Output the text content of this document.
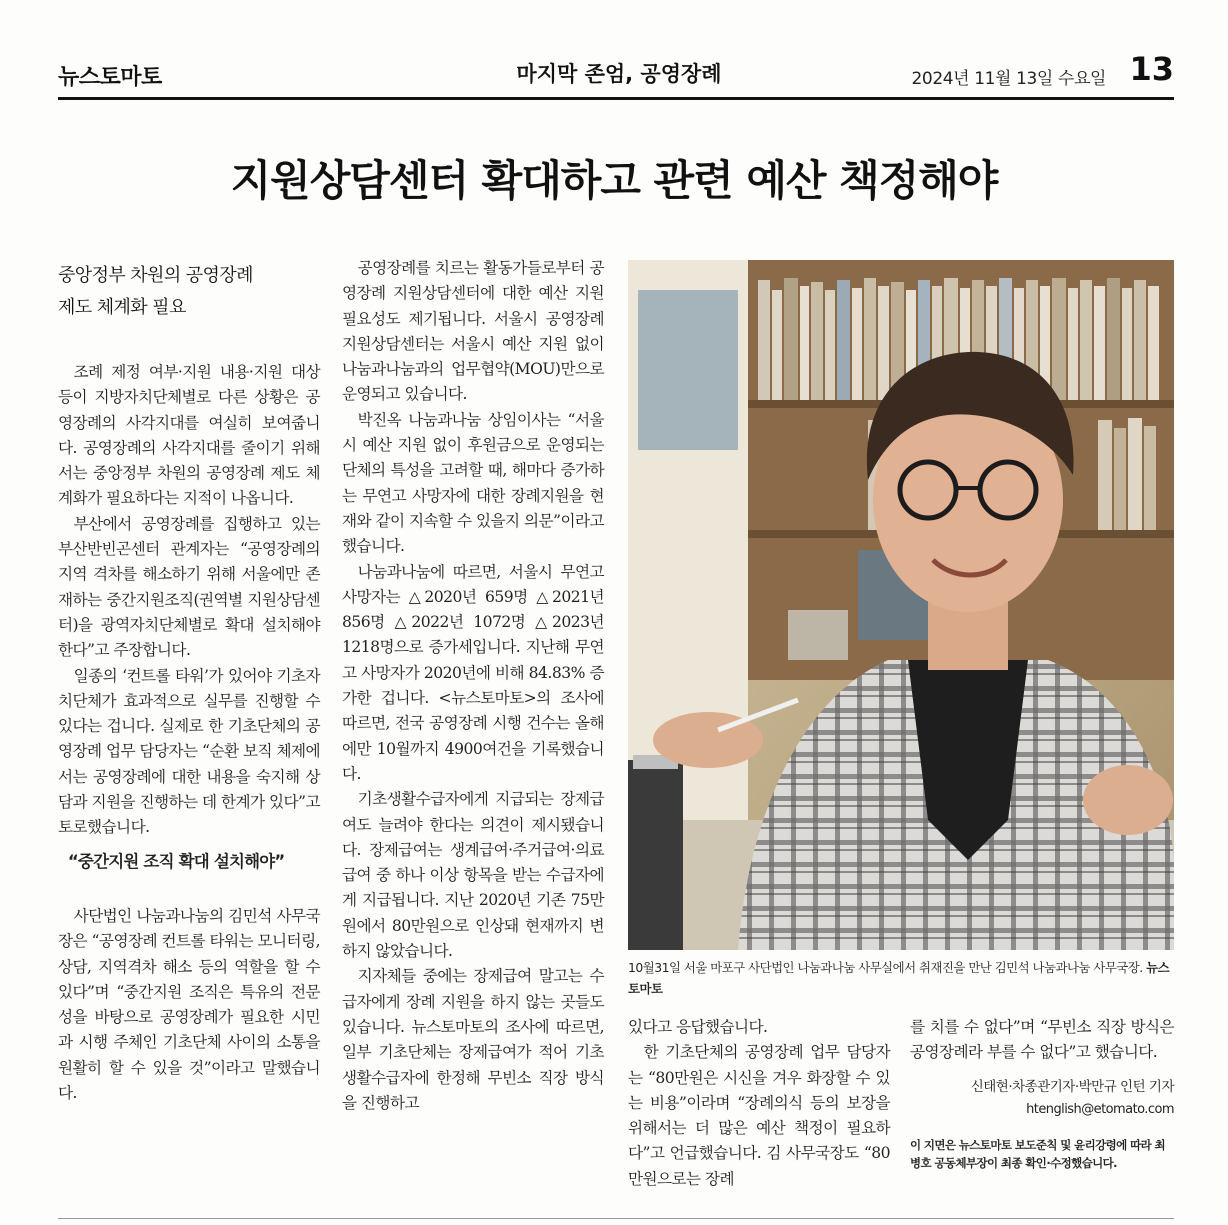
뉴스토마토	마지막 존엄, 공영장례	2024년 11월 13일 수요일 13
지원상담센터 확대하고 관련 예산 책정해야
중앙정부 차원의 공영장례
제도 체계화 필요

조례 제정 여부·지원 내용·지원 대상 등이 지방자치단체별로 다른 상황은 공영장례의 사각지대를 여실히 보여줍니다. 공영장례의 사각지대를 줄이기 위해서는 중앙정부 차원의 공영장례 제도 체계화가 필요하다는 지적이 나옵니다.

부산에서 공영장례를 집행하고 있는 부산반빈곤센터 관계자는 “공영장례의 지역 격차를 해소하기 위해 서울에만 존재하는 중간지원조직(권역별 지원상담센터)을 광역자치단체별로 확대 설치해야 한다”고 주장합니다.

일종의 ‘컨트롤 타워’가 있어야 기초자치단체가 효과적으로 실무를 진행할 수 있다는 겁니다. 실제로 한 기초단체의 공영장례 업무 담당자는 “순환 보직 체제에서는 공영장례에 대한 내용을 숙지해 상담과 지원을 진행하는 데 한계가 있다”고 토로했습니다.

“중간지원 조직 확대 설치해야”

사단법인 나눔과나눔의 김민석 사무국장은 “공영장례 컨트롤 타워는 모니터링, 상담, 지역격차 해소 등의 역할을 할 수 있다”며 “중간지원 조직은 특유의 전문성을 바탕으로 공영장례가 필요한 시민과 시행 주체인 기초단체 사이의 소통을 원활히 할 수 있을 것”이라고 말했습니다.

공영장례를 치르는 활동가들로부터 공영장례 지원상담센터에 대한 예산 지원 필요성도 제기됩니다. 서울시 공영장례 지원상담센터는 서울시 예산 지원 없이 나눔과나눔과의 업무협약(MOU)만으로 운영되고 있습니다.

박진옥 나눔과나눔 상임이사는 “서울시 예산 지원 없이 후원금으로 운영되는 단체의 특성을 고려할 때, 해마다 증가하는 무연고 사망자에 대한 장례지원을 현재와 같이 지속할 수 있을지 의문”이라고 했습니다.

나눔과나눔에 따르면, 서울시 무연고 사망자는 △2020년 659명 △2021년 856명 △2022년 1072명 △2023년 1218명으로 증가세입니다. 지난해 무연고 사망자가 2020년에 비해 84.83% 증가한 겁니다. <뉴스토마토>의 조사에 따르면, 전국 공영장례 시행 건수는 올해에만 10월까지 4900여건을 기록했습니다.

기초생활수급자에게 지급되는 장제급여도 늘려야 한다는 의견이 제시됐습니다. 장제급여는 생계급여·주거급여·의료급여 중 하나 이상 항목을 받는 수급자에게 지급됩니다. 지난 2020년 기존 75만원에서 80만원으로 인상돼 현재까지 변하지 않았습니다.

지자체들 중에는 장제급여 말고는 수급자에게 장례 지원을 하지 않는 곳들도 있습니다. 뉴스토마토의 조사에 따르면, 일부 기초단체는 장제급여가 적어 기초생활수급자에 한정해 무빈소 직장 방식을 진행하고

10월31일 서울 마포구 사단법인 나눔과나눔 사무실에서 취재진을 만난 김민석 나눔과나눔 사무국장. 뉴스토마토

있다고 응답했습니다.

한 기초단체의 공영장례 업무 담당자는 “80만원은 시신을 겨우 화장할 수 있는 비용”이라며 “장례의식 등의 보장을 위해서는 더 많은 예산 책정이 필요하다”고 언급했습니다. 김 사무국장도 “80만원으로는 장례

를 치를 수 없다”며 “무빈소 직장 방식은 공영장례라 부를 수 없다”고 했습니다.

신태현·차종관기자·박만규 인턴 기자
htenglish@etomato.com
이 지면은 뉴스토마토 보도준칙 및 윤리강령에 따라 최병호 공동체부장이 최종 확인·수정했습니다.
